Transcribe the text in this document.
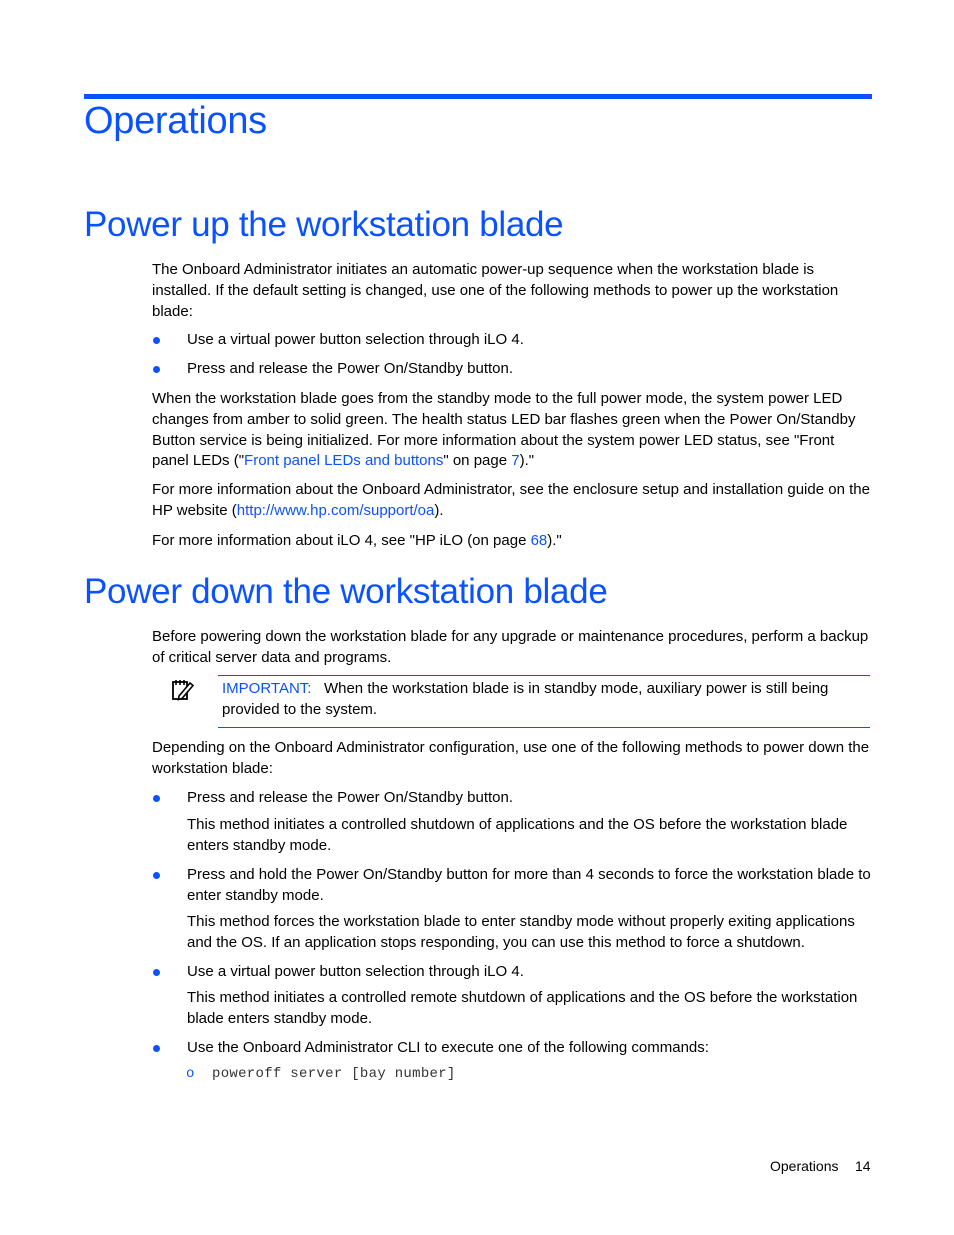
Operations
Power up the workstation blade

The Onboard Administrator initiates an automatic power-up sequence when the workstation blade is installed. If the default setting is changed, use one of the following methods to power up the workstation blade:

Use a virtual power button selection through iLO 4.

Press and release the Power On/Standby button.

When the workstation blade goes from the standby mode to the full power mode, the system power LED changes from amber to solid green. The health status LED bar flashes green when the Power On/Standby Button service is being initialized. For more information about the system power LED status, see "Front panel LEDs ("Front panel LEDs and buttons" on page 7)."

For more information about the Onboard Administrator, see the enclosure setup and installation guide on the HP website (http://www.hp.com/support/oa).

For more information about iLO 4, see "HP iLO (on page 68)."

Power down the workstation blade

Before powering down the workstation blade for any upgrade or maintenance procedures, perform a backup of critical server data and programs.

IMPORTANT: When the workstation blade is in standby mode, auxiliary power is still being provided to the system.

Depending on the Onboard Administrator configuration, use one of the following methods to power down the workstation blade:

Press and release the Power On/Standby button.

This method initiates a controlled shutdown of applications and the OS before the workstation blade enters standby mode.

Press and hold the Power On/Standby button for more than 4 seconds to force the workstation blade to enter standby mode.

This method forces the workstation blade to enter standby mode without properly exiting applications and the OS. If an application stops responding, you can use this method to force a shutdown.

Use a virtual power button selection through iLO 4.

This method initiates a controlled remote shutdown of applications and the OS before the workstation blade enters standby mode.

Use the Onboard Administrator CLI to execute one of the following commands:

o poweroff server [bay number]
Operations 14
